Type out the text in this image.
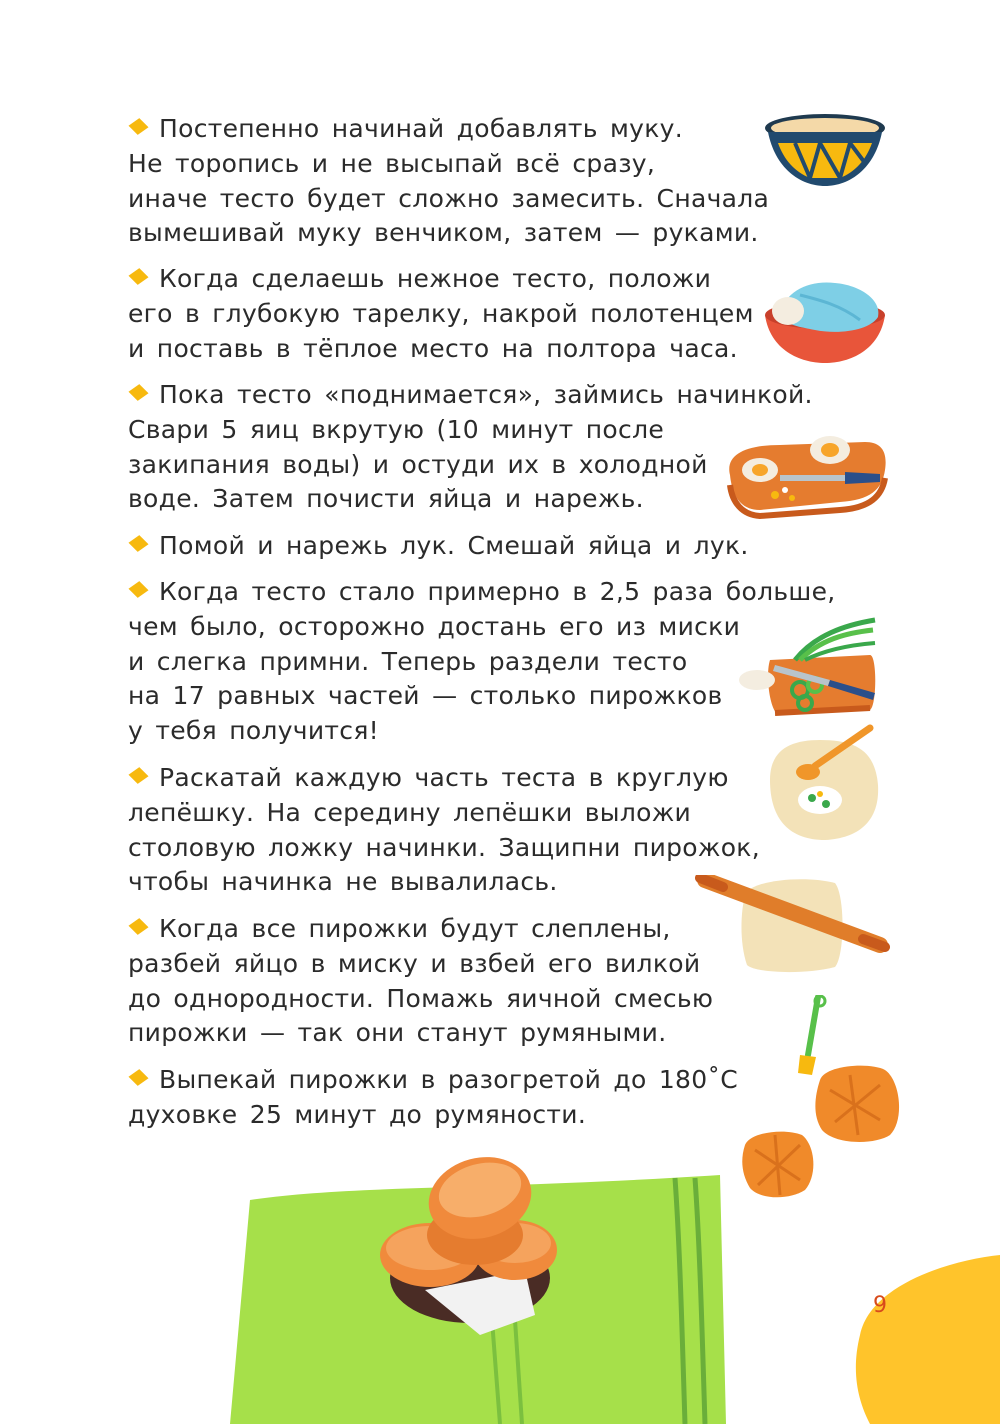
Постепенно начинай добавлять муку.
Не торопись и не высыпай всё сразу,
иначе тесто будет сложно замесить. Сначала
вымешивай муку венчиком, затем — руками.
Когда сделаешь нежное тесто, положи
его в глубокую тарелку, накрой полотенцем
и поставь в тёплое место на полтора часа.
Пока тесто «поднимается», займись начинкой.
Свари 5 яиц вкрутую (10 минут после
закипания воды) и остуди их в холодной
воде. Затем почисти яйца и нарежь.
Помой и нарежь лук. Смешай яйца и лук.
Когда тесто стало примерно в 2,5 раза больше,
чем было, осторожно достань его из миски
и слегка примни. Теперь раздели тесто
на 17 равных частей — столько пирожков
у тебя получится!
Раскатай каждую часть теста в круглую
лепёшку. На середину лепёшки выложи
столовую ложку начинки. Защипни пирожок,
чтобы начинка не вывалилась.
Когда все пирожки будут слеплены,
разбей яйцо в миску и взбей его вилкой
до однородности. Помажь яичной смесью
пирожки — так они станут румяными.
Выпекай пирожки в разогретой до 180˚С
духовке 25 минут до румяности.
9
